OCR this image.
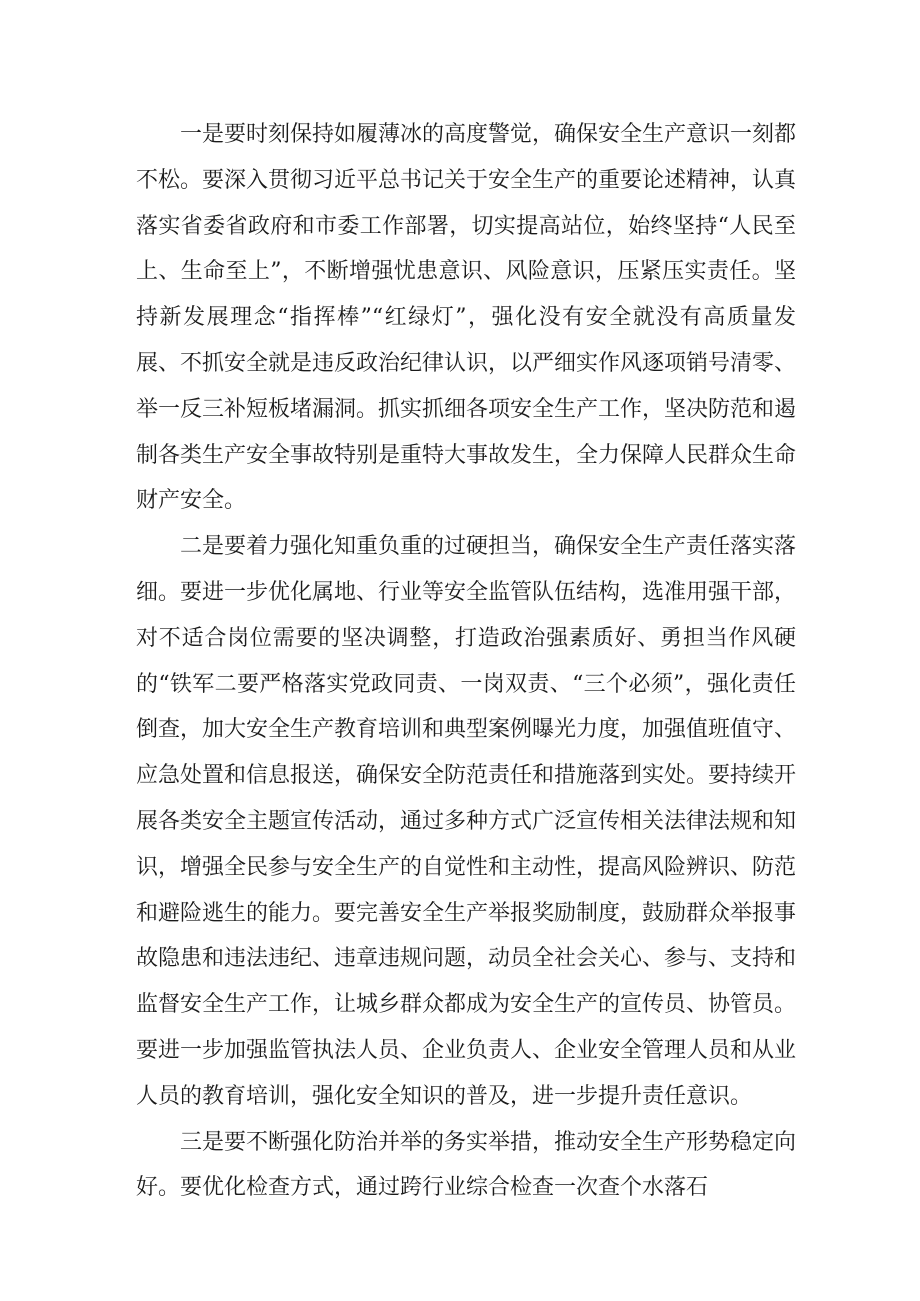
一是要时刻保持如履薄冰的高度警觉，确保安全生产意识一刻都不松。要深入贯彻习近平总书记关于安全生产的重要论述精神，认真落实省委省政府和市委工作部署，切实提高站位，始终坚持“人民至上、生命至上”，不断增强忧患意识、风险意识，压紧压实责任。坚持新发展理念“指挥棒”“红绿灯”，强化没有安全就没有高质量发展、不抓安全就是违反政治纪律认识，以严细实作风逐项销号清零、举一反三补短板堵漏洞。抓实抓细各项安全生产工作，坚决防范和遏制各类生产安全事故特别是重特大事故发生，全力保障人民群众生命财产安全。

二是要着力强化知重负重的过硬担当，确保安全生产责任落实落细。要进一步优化属地、行业等安全监管队伍结构，选准用强干部，对不适合岗位需要的坚决调整，打造政治强素质好、勇担当作风硬的“铁军二要严格落实党政同责、一岗双责、“三个必须”，强化责任倒查，加大安全生产教育培训和典型案例曝光力度，加强值班值守、应急处置和信息报送，确保安全防范责任和措施落到实处。要持续开展各类安全主题宣传活动，通过多种方式广泛宣传相关法律法规和知识，增强全民参与安全生产的自觉性和主动性，提高风险辨识、防范和避险逃生的能力。要完善安全生产举报奖励制度，鼓励群众举报事故隐患和违法违纪、违章违规问题，动员全社会关心、参与、支持和监督安全生产工作，让城乡群众都成为安全生产的宣传员、协管员。要进一步加强监管执法人员、企业负责人、企业安全管理人员和从业人员的教育培训，强化安全知识的普及，进一步提升责任意识。

三是要不断强化防治并举的务实举措，推动安全生产形势稳定向好。要优化检查方式，通过跨行业综合检查一次查个水落石
